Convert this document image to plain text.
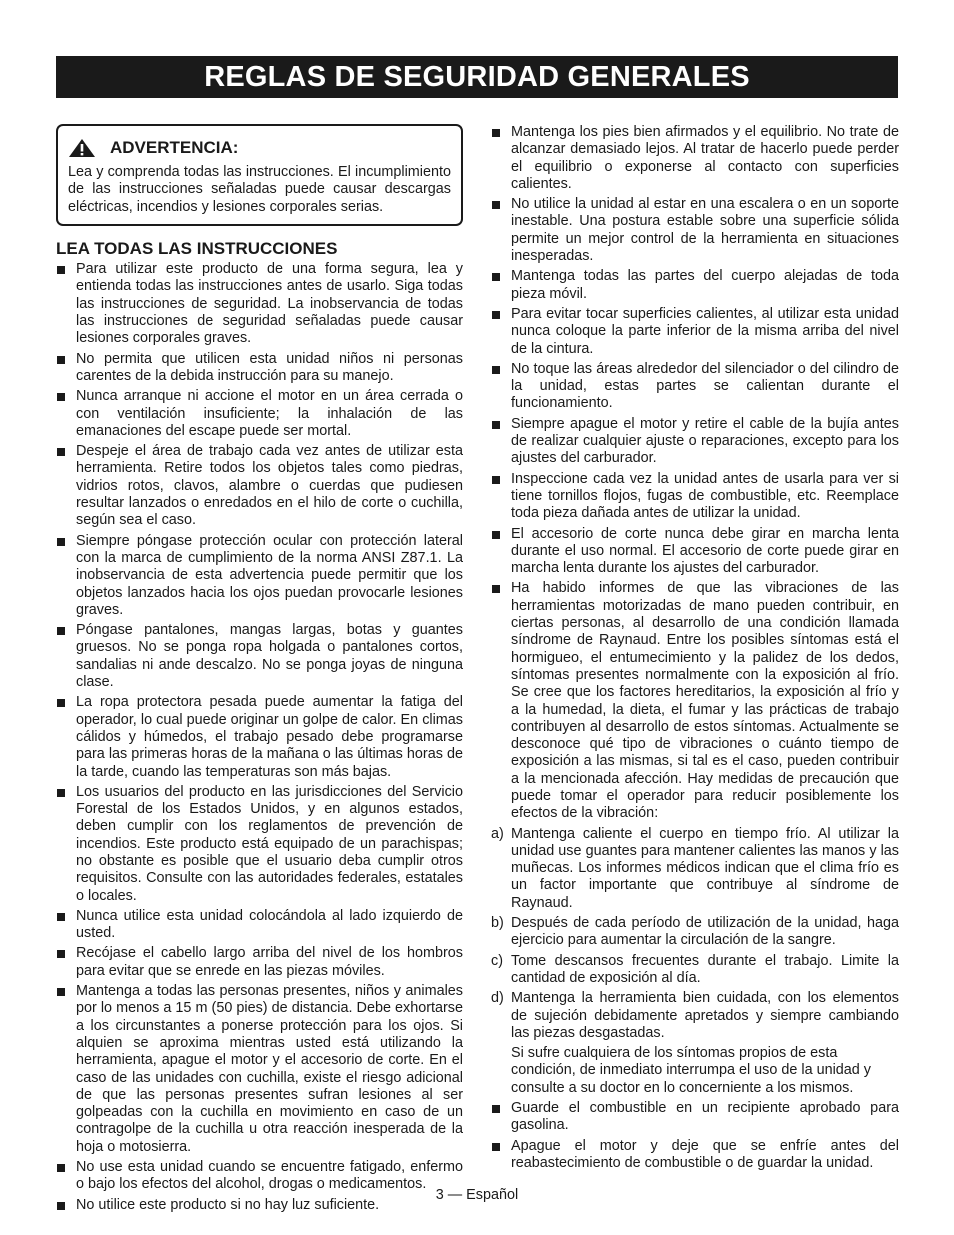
REGLAS DE SEGURIDAD GENERALES
ADVERTENCIA:
Lea y comprenda todas las instrucciones. El incumplimiento de las instrucciones señaladas puede causar descargas eléctricas, incendios y lesiones corporales serias.
LEA TODAS LAS INSTRUCCIONES
Para utilizar este producto de una forma segura, lea y entienda todas las instrucciones antes de usarlo. Siga todas las instrucciones de seguridad. La inobservancia de todas las instrucciones de seguridad señaladas puede causar lesiones corporales graves.
No permita que utilicen esta unidad niños ni personas carentes de la debida instrucción para su manejo.
Nunca arranque ni accione el motor en un área cerrada o con ventilación insuficiente; la inhalación de las emanaciones del escape puede ser mortal.
Despeje el área de trabajo cada vez antes de utilizar esta herramienta. Retire todos los objetos tales como piedras, vidrios rotos, clavos, alambre o cuerdas que pudiesen resultar lanzados o enredados en el hilo de corte o cuchilla, según sea el caso.
Siempre póngase protección ocular con protección lateral con la marca de cumplimiento de la norma ANSI Z87.1. La inobservancia de esta advertencia puede permitir que los objetos lanzados hacia los ojos puedan provocarle lesiones graves.
Póngase pantalones, mangas largas, botas y guantes gruesos. No se ponga ropa holgada o pantalones cortos, sandalias ni ande descalzo. No se ponga joyas de ninguna clase.
La ropa protectora pesada puede aumentar la fatiga del operador, lo cual puede originar un golpe de calor. En climas cálidos y húmedos, el trabajo pesado debe programarse para las primeras horas de la mañana o las últimas horas de la tarde, cuando las temperaturas son más bajas.
Los usuarios del producto en las jurisdicciones del Servicio Forestal de los Estados Unidos, y en algunos estados, deben cumplir con los reglamentos de prevención de incendios. Este producto está equipado de un parachispas; no obstante es posible que el usuario deba cumplir otros requisitos. Consulte con las autoridades federales, estatales o locales.
Nunca utilice esta unidad colocándola al lado izquierdo de usted.
Recójase el cabello largo arriba del nivel de los hombros para evitar que se enrede en las piezas móviles.
Mantenga a todas las personas presentes, niños y animales por lo menos a 15 m (50 pies) de distancia. Debe exhortarse a los circunstantes a ponerse protección para los ojos. Si alquien se aproxima mientras usted está utilizando la herramienta, apague el motor y el accesorio de corte. En el caso de las unidades con cuchilla, existe el riesgo adicional de que las personas presentes sufran lesiones al ser golpeadas con la cuchilla en movimiento en caso de un contragolpe de la cuchilla u otra reacción inesperada de la hoja o motosierra.
No use esta unidad cuando se encuentre fatigado, enfermo o bajo los efectos del alcohol, drogas o medicamentos.
No utilice este producto si no hay luz suficiente.
Mantenga los pies bien afirmados y el equilibrio. No trate de alcanzar demasiado lejos. Al tratar de hacerlo puede perder el equilibrio o exponerse al contacto con superficies calientes.
No utilice la unidad al estar en una escalera o en un soporte inestable. Una postura estable sobre una superficie sólida permite un mejor control de la herramienta en situaciones inesperadas.
Mantenga todas las partes del cuerpo alejadas de toda pieza móvil.
Para evitar tocar superficies calientes, al utilizar esta unidad nunca coloque la parte inferior de la misma arriba del nivel de la cintura.
No toque las áreas alrededor del silenciador o del cilindro de la unidad, estas partes se calientan durante el funcionamiento.
Siempre apague el motor y retire el cable de la bujía antes de realizar cualquier ajuste o reparaciones, excepto para los ajustes del carburador.
Inspeccione cada vez la unidad antes de usarla para ver si tiene tornillos flojos, fugas de combustible, etc. Reemplace toda pieza dañada antes de utilizar la unidad.
El accesorio de corte nunca debe girar en marcha lenta durante el uso normal. El accesorio de corte puede girar en marcha lenta durante los ajustes del carburador.
Ha habido informes de que las vibraciones de las herramientas motorizadas de mano pueden contribuir, en ciertas personas, al desarrollo de una condición llamada síndrome de Raynaud. Entre los posibles síntomas está el hormigueo, el entumecimiento y la palidez de los dedos, síntomas presentes normalmente con la exposición al frío. Se cree que los factores hereditarios, la exposición al frío y a la humedad, la dieta, el fumar y las prácticas de trabajo contribuyen al desarrollo de estos síntomas. Actualmente se desconoce qué tipo de vibraciones o cuánto tiempo de exposición a las mismas, si tal es el caso, pueden contribuir a la mencionada afección. Hay medidas de precaución que puede tomar el operador para reducir posiblemente los efectos de la vibración:
a) Mantenga caliente el cuerpo en tiempo frío. Al utilizar la unidad use guantes para mantener calientes las manos y las muñecas. Los informes médicos indican que el clima frío es un factor importante que contribuye al síndrome de Raynaud.
b) Después de cada período de utilización de la unidad, haga ejercicio para aumentar la circulación de la sangre.
c) Tome descansos frecuentes durante el trabajo. Limite la cantidad de exposición al día.
d) Mantenga la herramienta bien cuidada, con los elementos de sujeción debidamente apretados y siempre cambiando las piezas desgastadas.
Si sufre cualquiera de los síntomas propios de esta condición, de inmediato interrumpa el uso de la unidad y consulte a su doctor en lo concerniente a los mismos.
Guarde el combustible en un recipiente aprobado para gasolina.
Apague el motor y deje que se enfríe antes del reabastecimiento de combustible o de guardar la unidad.
3 — Español
